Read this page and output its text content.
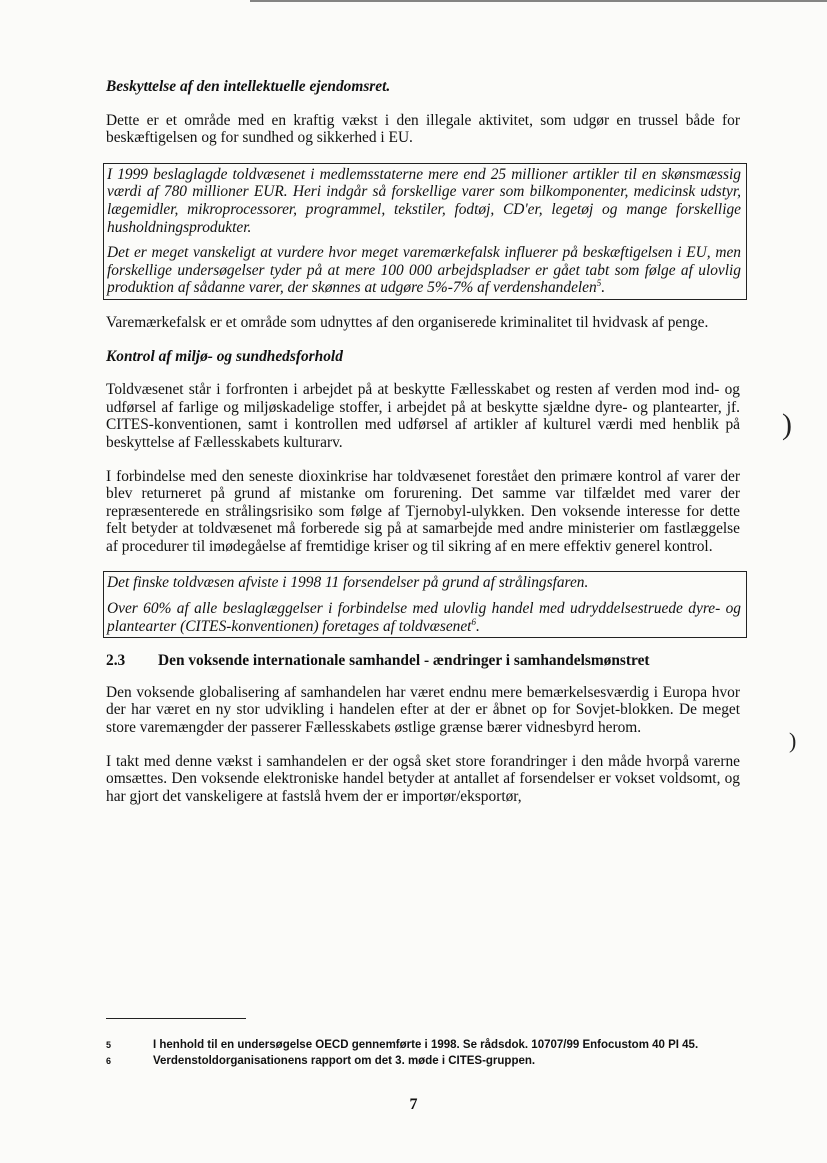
Beskyttelse af den intellektuelle ejendomsret.

Dette er et område med en kraftig vækst i den illegale aktivitet, som udgør en trussel både for beskæftigelsen og for sundhed og sikkerhed i EU.

I 1999 beslaglagde toldvæsenet i medlemsstaterne mere end 25 millioner artikler til en skønsmæssig værdi af 780 millioner EUR. Heri indgår så forskellige varer som bilkomponenter, medicinsk udstyr, lægemidler, mikroprocessorer, programmel, tekstiler, fodtøj, CD'er, legetøj og mange forskellige husholdningsprodukter.

Det er meget vanskeligt at vurdere hvor meget varemærkefalsk influerer på beskæftigelsen i EU, men forskellige undersøgelser tyder på at mere 100 000 arbejdspladser er gået tabt som følge af ulovlig produktion af sådanne varer, der skønnes at udgøre 5%-7% af verdenshandelen$^5$.

Varemærkefalsk er et område som udnyttes af den organiserede kriminalitet til hvidvask af penge.

Kontrol af miljø- og sundhedsforhold

Toldvæsenet står i forfronten i arbejdet på at beskytte Fællesskabet og resten af verden mod ind- og udførsel af farlige og miljøskadelige stoffer, i arbejdet på at beskytte sjældne dyre- og plantearter, jf. CITES-konventionen, samt i kontrollen med udførsel af artikler af kulturel værdi med henblik på beskyttelse af Fællesskabets kulturarv.

I forbindelse med den seneste dioxinkrise har toldvæsenet forestået den primære kontrol af varer der blev returneret på grund af mistanke om forurening. Det samme var tilfældet med varer der repræsenterede en strålingsrisiko som følge af Tjernobyl-ulykken. Den voksende interesse for dette felt betyder at toldvæsenet må forberede sig på at samarbejde med andre ministerier om fastlæggelse af procedurer til imødegåelse af fremtidige kriser og til sikring af en mere effektiv generel kontrol.

Det finske toldvæsen afviste i 1998 11 forsendelser på grund af strålingsfaren.

Over 60% af alle beslaglæggelser i forbindelse med ulovlig handel med udryddelsestruede dyre- og plantearter (CITES-konventionen) foretages af toldvæsenet$^6$.

2.3	Den voksende internationale samhandel - ændringer i samhandelsmønstret

Den voksende globalisering af samhandelen har været endnu mere bemærkelsesværdig i Europa hvor der har været en ny stor udvikling i handelen efter at der er åbnet op for Sovjet-blokken. De meget store varemængder der passerer Fællesskabets østlige grænse bærer vidnesbyrd herom.

I takt med denne vækst i samhandelen er der også sket store forandringer i den måde hvorpå varerne omsættes. Den voksende elektroniske handel betyder at antallet af forsendelser er vokset voldsomt, og har gjort det vanskeligere at fastslå hvem der er importør/eksportør,

5	I henhold til en undersøgelse OECD gennemførte i 1998. Se rådsdok. 10707/99 Enfocustom 40 PI 45.
6	Verdenstoldorganisationens rapport om det 3. møde i CITES-gruppen.
7
)
)
